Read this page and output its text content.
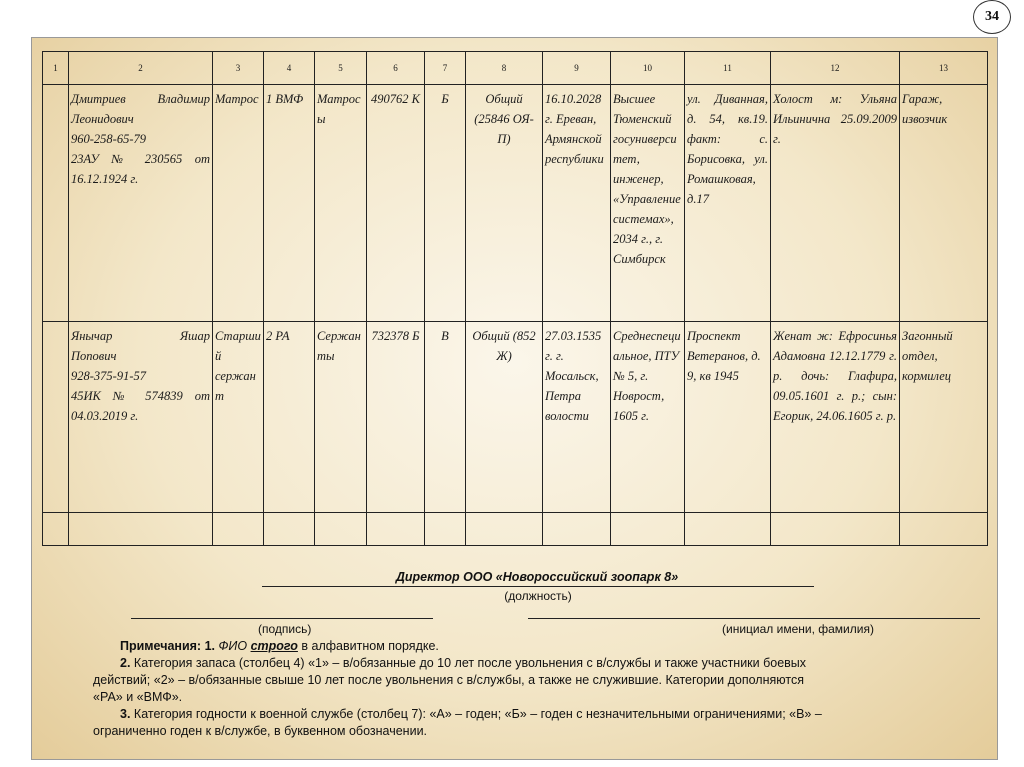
34
1	2	3	4	5	6	7	8	9	10	11	12	13

	Дмитриев Владимир
Леонидович
960-258-65-79
23АУ № 230565 от
16.12.1924 г.	Матрос	1 ВМФ	Матросы	490762 К	Б	Общий (25846 ОЯ-П)	16.10.2028 г. Ереван, Армянской республики	Высшее Тюменский госуниверситет, инженер, «Управление системах», 2034 г., г. Симбирск	ул. Диванная, д. 54, кв.19. факт: с. Борисовка, ул. Ромашковая, д.17	Холост м: Ульяна Ильинична 25.09.2009 г.	Гараж, извозчик

	Янычар Яшар
Попович
928-375-91-57
45ИК № 574839 от
04.03.2019 г.	Старший сержант	2 РА	Сержанты	732378 Б	В	Общий (852 Ж)	27.03.1535 г. г. Мосальск, Петра волости	Среднеспециальное, ПТУ № 5, г. Новрост, 1605 г.	Проспект Ветеранов, д. 9, кв 1945	Женат ж: Ефросинья Адамовна 12.12.1779 г. р. дочь: Глафира, 09.05.1601 г. р.; сын: Егорик, 24.06.1605 г. р.	Загонный отдел, кормилец

Директор ООО «Новороссийский зоопарк 8»
(должность)
(подпись)	(инициал имени, фамилия)

Примечания: 1. ФИО строго в алфавитном порядке.

2. Категория запаса (столбец 4) «1» – в/обязанные до 10 лет после увольнения с в/службы и также участники боевых

действий; «2» – в/обязанные свыше 10 лет после увольнения с в/службы, а также не служившие. Категории дополняются

«РА» и «ВМФ».

3. Категория годности к военной службе (столбец 7): «А» – годен; «Б» – годен с незначительными ограничениями; «В» –

ограниченно годен к в/службе, в буквенном обозначении.
